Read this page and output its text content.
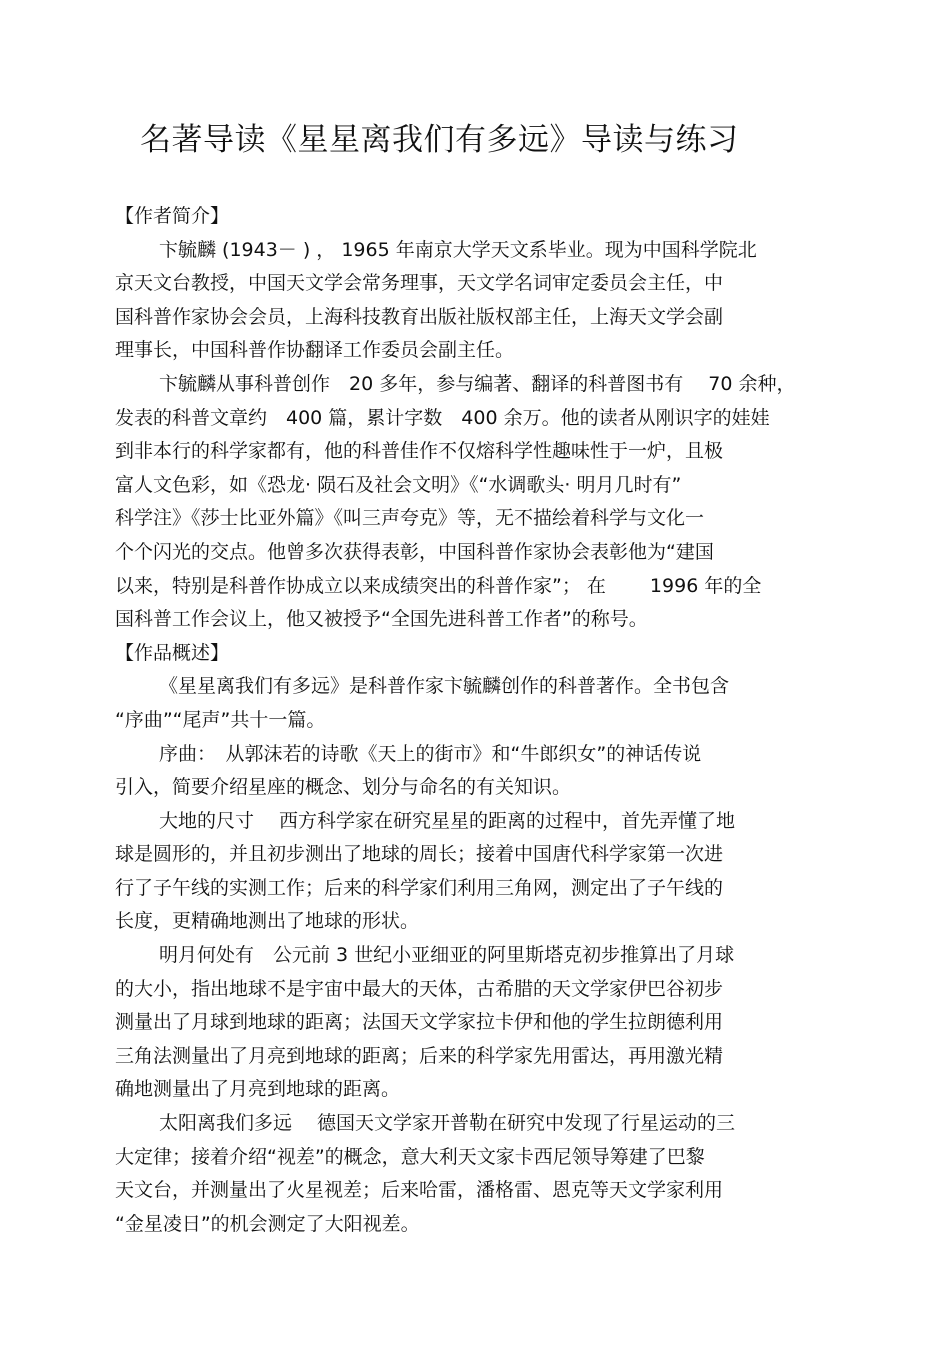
名著导读《星星离我们有多远》导读与练习
【作者简介】
卞毓麟 (1943－ ) ， 1965 年南京大学天文系毕业。现为中国科学院北
京天文台教授，中国天文学会常务理事，天文学名词审定委员会主任，中
国科普作家协会会员，上海科技教育出版社版权部主任，上海天文学会副
理事长，中国科普作协翻译工作委员会副主任。
卞毓麟从事科普创作　20 多年，参与编著、翻译的科普图书有　 70 余种，
发表的科普文章约　400 篇，累计字数　400 余万。他的读者从刚识字的娃娃
到非本行的科学家都有，他的科普佳作不仅熔科学性趣味性于一炉，且极
富人文色彩，如《恐龙· 陨石及社会文明》《“水调歌头· 明月几时有”
科学注》《莎士比亚外篇》《叫三声夸克》等，无不描绘着科学与文化一
个个闪光的交点。他曾多次获得表彰，中国科普作家协会表彰他为“建国
以来，特别是科普作协成立以来成绩突出的科普作家”； 在　　 1996 年的全
国科普工作会议上，他又被授予“全国先进科普工作者”的称号。
【作品概述】
《星星离我们有多远》是科普作家卞毓麟创作的科普著作。全书包含
“序曲”“尾声”共十一篇。
序曲：　从郭沫若的诗歌《天上的街市》和“牛郎织女”的神话传说
引入，简要介绍星座的概念、划分与命名的有关知识。
大地的尺寸　 西方科学家在研究星星的距离的过程中，首先弄懂了地
球是圆形的，并且初步测出了地球的周长；接着中国唐代科学家第一次进
行了子午线的实测工作；后来的科学家们利用三角网，测定出了子午线的
长度，更精确地测出了地球的形状。
明月何处有　公元前 3 世纪小亚细亚的阿里斯塔克初步推算出了月球
的大小，指出地球不是宇宙中最大的天体，古希腊的天文学家伊巴谷初步
测量出了月球到地球的距离；法国天文学家拉卡伊和他的学生拉朗德利用
三角法测量出了月亮到地球的距离；后来的科学家先用雷达，再用激光精
确地测量出了月亮到地球的距离。
太阳离我们多远　 德国天文学家开普勒在研究中发现了行星运动的三
大定律；接着介绍“视差”的概念，意大利天文家卡西尼领导筹建了巴黎
天文台，并测量出了火星视差；后来哈雷，潘格雷、恩克等天文学家利用
“金星凌日”的机会测定了大阳视差。
